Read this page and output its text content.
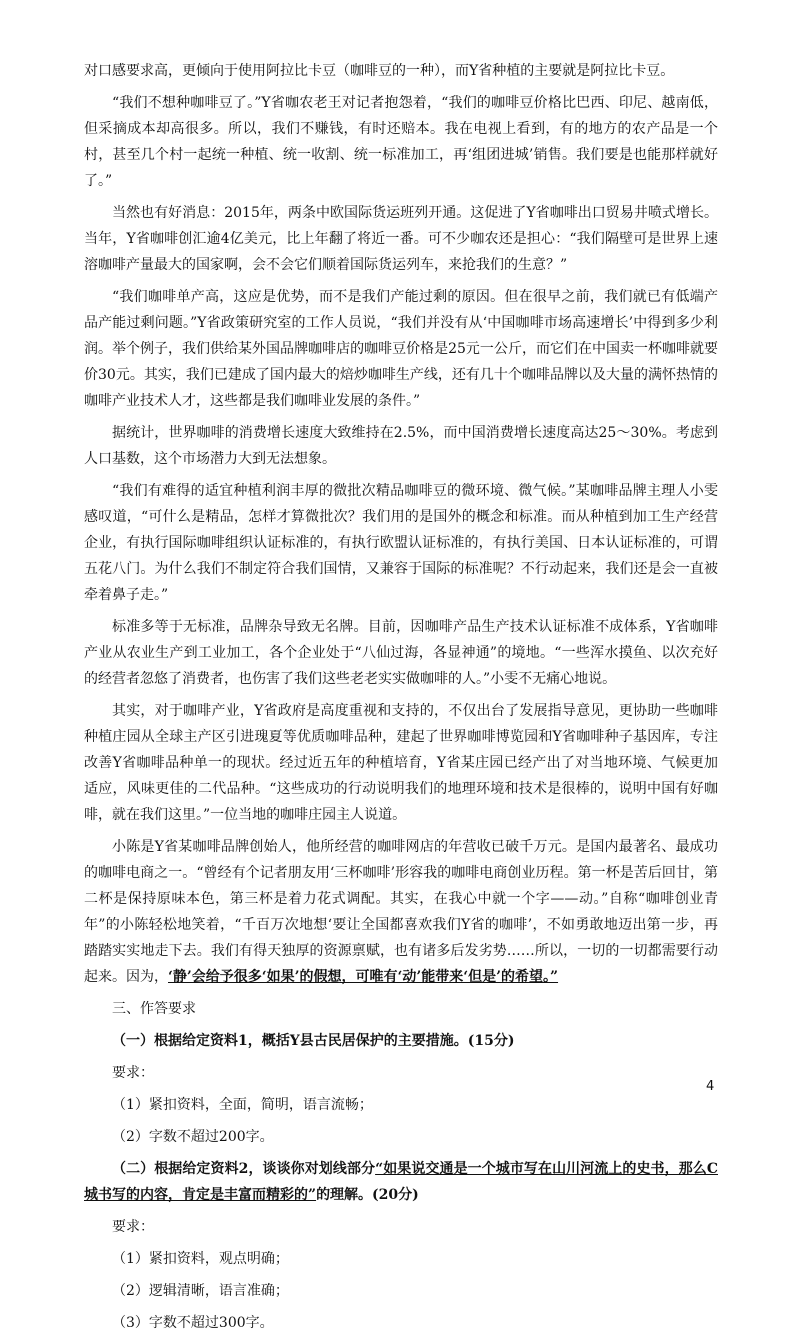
对口感要求高，更倾向于使用阿拉比卡豆（咖啡豆的一种），而Y省种植的主要就是阿拉比卡豆。

“我们不想种咖啡豆了。”Y省咖农老王对记者抱怨着，“我们的咖啡豆价格比巴西、印尼、越南低，但采摘成本却高很多。所以，我们不赚钱，有时还赔本。我在电视上看到，有的地方的农产品是一个村，甚至几个村一起统一种植、统一收割、统一标准加工，再‘组团进城’销售。我们要是也能那样就好了。”

当然也有好消息：2015年，两条中欧国际货运班列开通。这促进了Y省咖啡出口贸易井喷式增长。当年，Y省咖啡创汇逾4亿美元，比上年翻了将近一番。可不少咖农还是担心：“我们隔壁可是世界上速溶咖啡产量最大的国家啊，会不会它们顺着国际货运列车，来抢我们的生意？”

“我们咖啡单产高，这应是优势，而不是我们产能过剩的原因。但在很早之前，我们就已有低端产品产能过剩问题。”Y省政策研究室的工作人员说，“我们并没有从‘中国咖啡市场高速增长’中得到多少利润。举个例子，我们供给某外国品牌咖啡店的咖啡豆价格是25元一公斤，而它们在中国卖一杯咖啡就要价30元。其实，我们已建成了国内最大的焙炒咖啡生产线，还有几十个咖啡品牌以及大量的满怀热情的咖啡产业技术人才，这些都是我们咖啡业发展的条件。”

据统计，世界咖啡的消费增长速度大致维持在2.5%，而中国消费增长速度高达25～30%。考虑到人口基数，这个市场潜力大到无法想象。

“我们有难得的适宜种植利润丰厚的微批次精品咖啡豆的微环境、微气候。”某咖啡品牌主理人小雯感叹道，“可什么是精品，怎样才算微批次？我们用的是国外的概念和标准。而从种植到加工生产经营企业，有执行国际咖啡组织认证标准的，有执行欧盟认证标准的，有执行美国、日本认证标准的，可谓五花八门。为什么我们不制定符合我们国情，又兼容于国际的标准呢？不行动起来，我们还是会一直被牵着鼻子走。”

标准多等于无标准，品牌杂导致无名牌。目前，因咖啡产品生产技术认证标准不成体系，Y省咖啡产业从农业生产到工业加工，各个企业处于“八仙过海，各显神通”的境地。“一些浑水摸鱼、以次充好的经营者忽悠了消费者，也伤害了我们这些老老实实做咖啡的人。”小雯不无痛心地说。

其实，对于咖啡产业，Y省政府是高度重视和支持的，不仅出台了发展指导意见，更协助一些咖啡种植庄园从全球主产区引进瑰夏等优质咖啡品种，建起了世界咖啡博览园和Y省咖啡种子基因库，专注改善Y省咖啡品种单一的现状。经过近五年的种植培育，Y省某庄园已经产出了对当地环境、气候更加适应，风味更佳的二代品种。“这些成功的行动说明我们的地理环境和技术是很棒的，说明中国有好咖啡，就在我们这里。”一位当地的咖啡庄园主人说道。

小陈是Y省某咖啡品牌创始人，他所经营的咖啡网店的年营收已破千万元。是国内最著名、最成功的咖啡电商之一。“曾经有个记者朋友用‘三杯咖啡’形容我的咖啡电商创业历程。第一杯是苦后回甘，第二杯是保持原味本色，第三杯是着力花式调配。其实，在我心中就一个字——动。”自称“咖啡创业青年”的小陈轻松地笑着，“千百万次地想‘要让全国都喜欢我们Y省的咖啡’，不如勇敢地迈出第一步，再踏踏实实地走下去。我们有得天独厚的资源禀赋，也有诸多后发劣势……所以，一切的一切都需要行动起来。因为，‘静’会给予很多‘如果’的假想，可唯有‘动’能带来‘但是’的希望。”

三、作答要求

（一）根据给定资料1，概括Y县古民居保护的主要措施。(15分)

要求：

（1）紧扣资料，全面，简明，语言流畅；

（2）字数不超过200字。

（二）根据给定资料2，谈谈你对划线部分“如果说交通是一个城市写在山川河流上的史书，那么C城书写的内容，肯定是丰富而精彩的”的理解。(20分)

要求：

（1）紧扣资料，观点明确；

（2）逻辑清晰，语言准确；

（3）字数不超过300字。

4
